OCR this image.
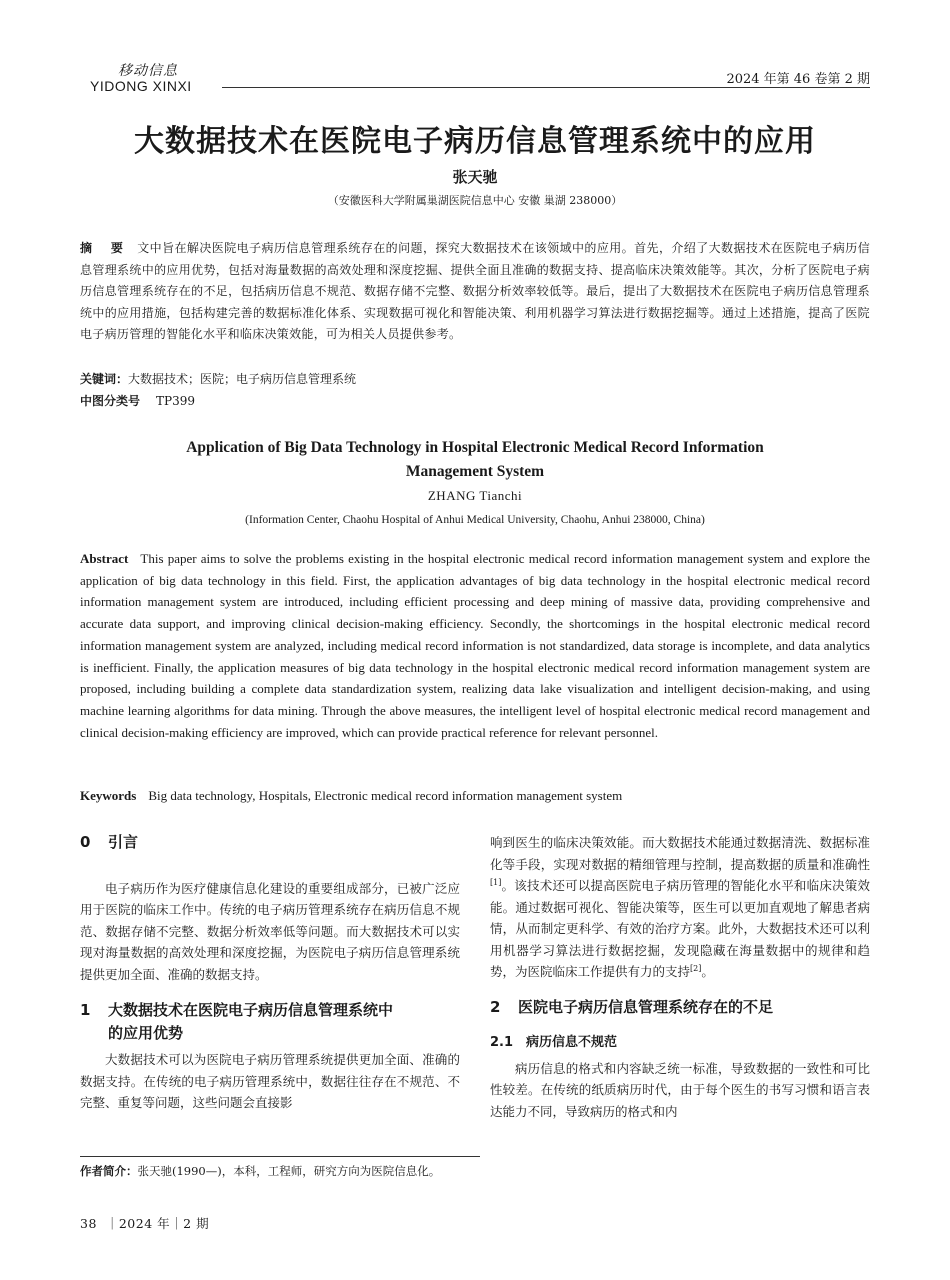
移动信息
YIDONG XINXI	2024 年第 46 卷第 2 期
大数据技术在医院电子病历信息管理系统中的应用
张天驰
（安徽医科大学附属巢湖医院信息中心 安徽 巢湖 238000）
摘    要 文中旨在解决医院电子病历信息管理系统存在的问题，探究大数据技术在该领域中的应用。首先，介绍了大数据技术在医院电子病历信息管理系统中的应用优势，包括对海量数据的高效处理和深度挖掘、提供全面且准确的数据支持、提高临床决策效能等。其次，分析了医院电子病历信息管理系统存在的不足，包括病历信息不规范、数据存储不完整、数据分析效率较低等。最后，提出了大数据技术在医院电子病历信息管理系统中的应用措施，包括构建完善的数据标准化体系、实现数据可视化和智能决策、利用机器学习算法进行数据挖掘等。通过上述措施，提高了医院电子病历管理的智能化水平和临床决策效能，可为相关人员提供参考。
关键词：大数据技术；医院；电子病历信息管理系统
中图分类号 TP399
Application of Big Data Technology in Hospital Electronic Medical Record Information
Management System
ZHANG Tianchi
(Information Center, Chaohu Hospital of Anhui Medical University, Chaohu, Anhui 238000, China)
Abstract This paper aims to solve the problems existing in the hospital electronic medical record information management system and explore the application of big data technology in this field. First, the application advantages of big data technology in the hospital electronic medical record information management system are introduced, including efficient processing and deep mining of massive data, providing comprehensive and accurate data support, and improving clinical decision-making efficiency. Secondly, the shortcomings in the hospital electronic medical record information management system are analyzed, including medical record information is not standardized, data storage is incomplete, and data analytics is inefficient. Finally, the application measures of big data technology in the hospital electronic medical record information management system are proposed, including building a complete data standardization system, realizing data lake visualization and intelligent decision-making, and using machine learning algorithms for data mining. Through the above measures, the intelligent level of hospital electronic medical record management and clinical decision-making efficiency are improved, which can provide practical reference for relevant personnel.
Keywords Big data technology, Hospitals, Electronic medical record information management system
0 引言

电子病历作为医疗健康信息化建设的重要组成部分，已被广泛应用于医院的临床工作中。传统的电子病历管理系统存在病历信息不规范、数据存储不完整、数据分析效率低等问题。而大数据技术可以实现对海量数据的高效处理和深度挖掘，为医院电子病历信息管理系统提供更加全面、准确的数据支持。

1 大数据技术在医院电子病历信息管理系统中
的应用优势

大数据技术可以为医院电子病历管理系统提供更加全面、准确的数据支持。在传统的电子病历管理系统中，数据往往存在不规范、不完整、重复等问题，这些问题会直接影

响到医生的临床决策效能。而大数据技术能通过数据清洗、数据标准化等手段，实现对数据的精细管理与控制，提高数据的质量和准确性[1]。该技术还可以提高医院电子病历管理的智能化水平和临床决策效能。通过数据可视化、智能决策等，医生可以更加直观地了解患者病情，从而制定更科学、有效的治疗方案。此外，大数据技术还可以利用机器学习算法进行数据挖掘，发现隐藏在海量数据中的规律和趋势，为医院临床工作提供有力的支持[2]。

2 医院电子病历信息管理系统存在的不足
2.1 病历信息不规范

病历信息的格式和内容缺乏统一标准，导致数据的一致性和可比性较差。在传统的纸质病历时代，由于每个医生的书写习惯和语言表达能力不同，导致病历的格式和内

作者简介：张天驰(1990—)，本科，工程师，研究方向为医院信息化。
38  ｜2024 年｜2 期
